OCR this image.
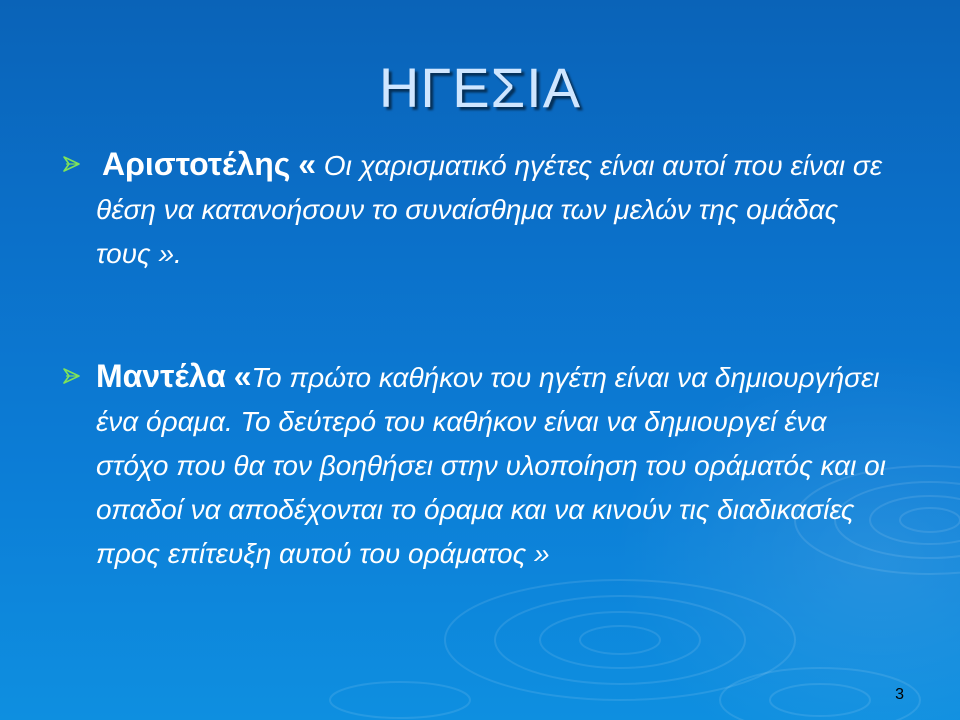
ΗΓΕΣΙΑ
Αριστοτέλης « Οι χαρισματικό ηγέτες είναι αυτοί που είναι σε θέση να κατανοήσουν το συναίσθημα των μελών της ομάδας τους ».
Μαντέλα «Το πρώτο καθήκον του ηγέτη είναι να δημιουργήσει ένα όραμα. Το δεύτερό του καθήκον είναι να δημιουργεί ένα στόχο που θα τον βοηθήσει στην υλοποίηση του οράματός και οι οπαδοί να αποδέχονται το όραμα και να κινούν τις διαδικασίες προς επίτευξη αυτού του οράματος »
3
